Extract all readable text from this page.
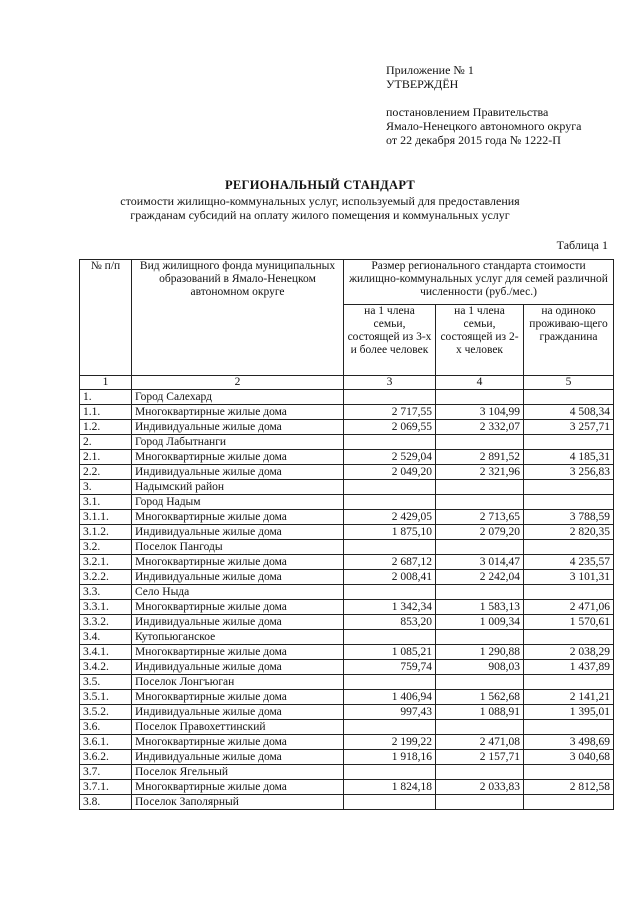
Приложение № 1
УТВЕРЖДЁН
постановлением Правительства
Ямало-Ненецкого автономного округа
от 22 декабря 2015 года № 1222-П
РЕГИОНАЛЬНЫЙ СТАНДАРТ
стоимости жилищно-коммунальных услуг, используемый для предоставления
гражданам субсидий на оплату жилого помещения и коммунальных услуг
Таблица 1
№ п/п	Вид жилищного фонда муниципальных образований в Ямало-Ненецком автономном округе	Размер регионального стандарта стоимости жилищно-коммунальных услуг для семей различной численности (руб./мес.)		
		на 1 члена семьи, состоящей из 3-х и более человек	на 1 члена семьи, состоящей из 2-х человек	на одиноко проживаю-щего гражданина
1	2	3	4	5
1.	Город Салехард			
1.1.	Многоквартирные жилые дома	2 717,55	3 104,99	4 508,34
1.2.	Индивидуальные жилые дома	2 069,55	2 332,07	3 257,71
2.	Город Лабытнанги			
2.1.	Многоквартирные жилые дома	2 529,04	2 891,52	4 185,31
2.2.	Индивидуальные жилые дома	2 049,20	2 321,96	3 256,83
3.	Надымский район			
3.1.	Город Надым			
3.1.1.	Многоквартирные жилые дома	2 429,05	2 713,65	3 788,59
3.1.2.	Индивидуальные жилые дома	1 875,10	2 079,20	2 820,35
3.2.	Поселок Пангоды			
3.2.1.	Многоквартирные жилые дома	2 687,12	3 014,47	4 235,57
3.2.2.	Индивидуальные жилые дома	2 008,41	2 242,04	3 101,31
3.3.	Село Ныда			
3.3.1.	Многоквартирные жилые дома	1 342,34	1 583,13	2 471,06
3.3.2.	Индивидуальные жилые дома	853,20	1 009,34	1 570,61
3.4.	Кутопьюганское			
3.4.1.	Многоквартирные жилые дома	1 085,21	1 290,88	2 038,29
3.4.2.	Индивидуальные жилые дома	759,74	908,03	1 437,89
3.5.	Поселок Лонгъюган			
3.5.1.	Многоквартирные жилые дома	1 406,94	1 562,68	2 141,21
3.5.2.	Индивидуальные жилые дома	997,43	1 088,91	1 395,01
3.6.	Поселок Правохеттинский			
3.6.1.	Многоквартирные жилые дома	2 199,22	2 471,08	3 498,69
3.6.2.	Индивидуальные жилые дома	1 918,16	2 157,71	3 040,68
3.7.	Поселок Ягельный			
3.7.1.	Многоквартирные жилые дома	1 824,18	2 033,83	2 812,58
3.8.	Поселок Заполярный			
